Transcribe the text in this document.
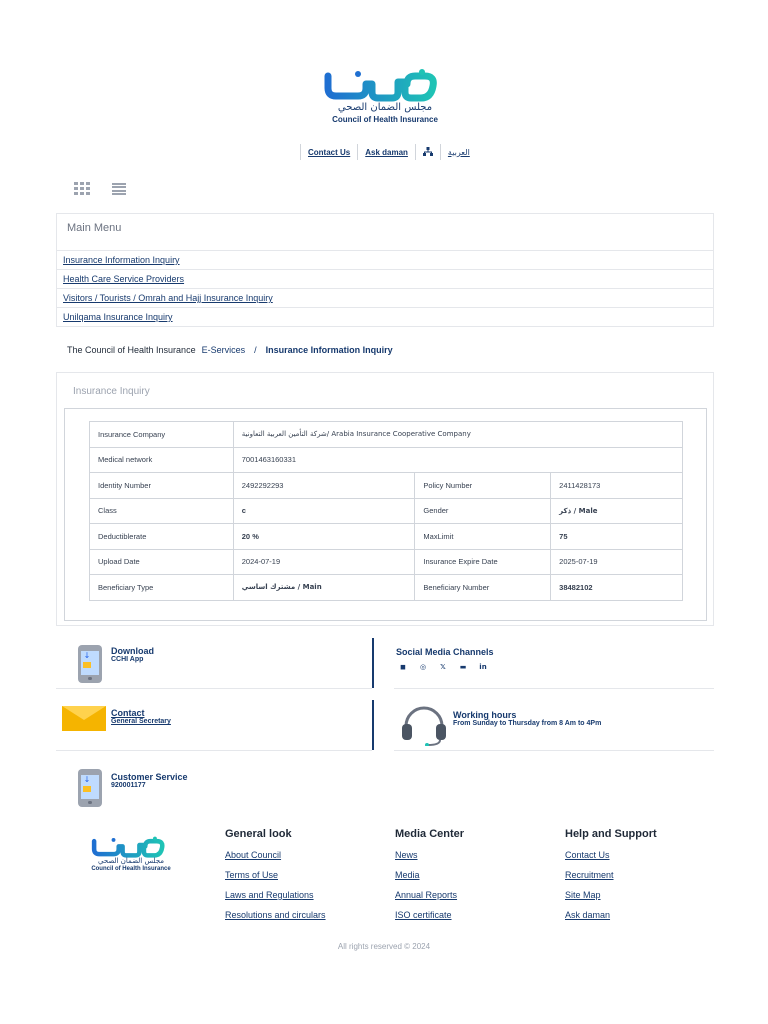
مجلس الضمان الصحي
Council of Health Insurance
Contact Us	Ask daman	العربية
Main Menu
Insurance Information Inquiry
Health Care Service Providers
Visitors / Tourists / Omrah and Hajj Insurance Inquiry
Unilqama Insurance Inquiry
The Council of Health Insurance E-Services	/	Insurance Information Inquiry
Insurance Inquiry
Insurance Company	شركة التأمين العربية التعاونية/ Arabia Insurance Cooperative Company		
Medical network	7001463160331		
Identity Number	2492292293	Policy Number	2411428173
Class	c	Gender	ذكر / Male
Deductiblerate	20 %	MaxLimit	75
Upload Date	2024-07-19	Insurance Expire Date	2025-07-19
Beneficiary Type	مشترك اساسي / Main	Beneficiary Number	38482102
↓	Download
CCHI App
Social Media Channels
◼ ◎	𝕏	▬ in
Contact
General Secretary
Working hours
From Sunday to Thursday from 8 Am to 4Pm
↓	Customer Service
920001177
مجلس الضمان الصحي
Council of Health Insurance
General look
About Council
Terms of Use
Laws and Regulations
Resolutions and circulars
Media Center
News
Media
Annual Reports
ISO certificate
Help and Support
Contact Us
Recruitment
Site Map
Ask daman
All rights reserved © 2024
